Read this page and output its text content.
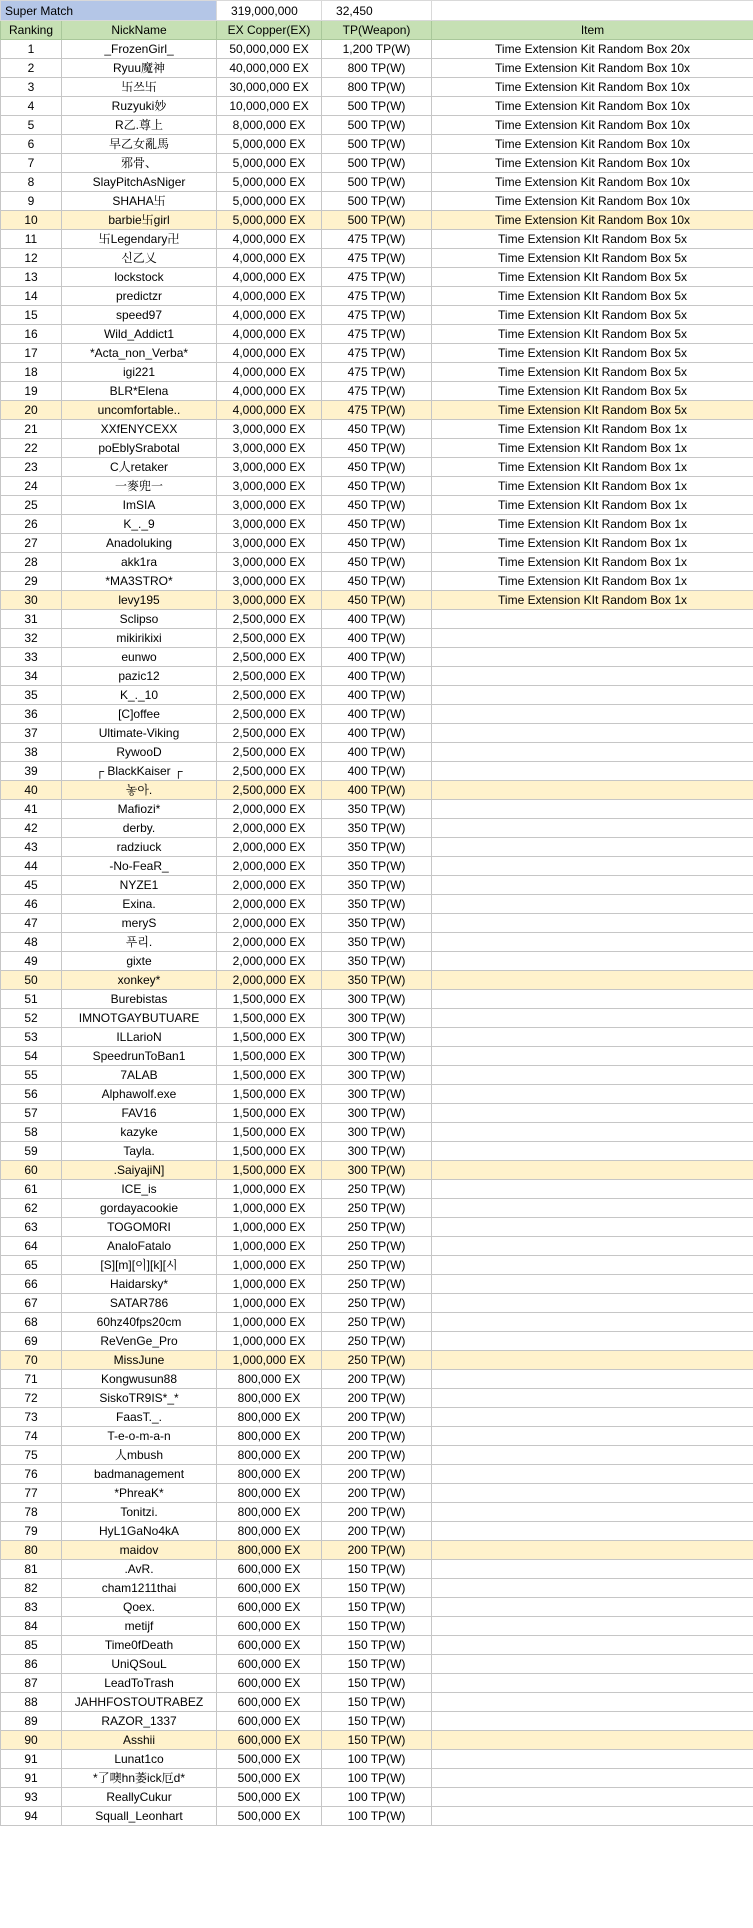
Super Match		319,000,000	32,450	
Ranking	NickName	EX Copper(EX)	TP(Weapon)	Item
1	_FrozenGirl_	50,000,000 EX	1,200 TP(W)	Time Extension Kit Random Box 20x
2	Ryuu魔神	40,000,000 EX	800 TP(W)	Time Extension Kit Random Box 10x
3	卐쓰卐	30,000,000 EX	800 TP(W)	Time Extension Kit Random Box 10x
4	Ruzyuki妙	10,000,000 EX	500 TP(W)	Time Extension Kit Random Box 10x
5	R乙.尊上	8,000,000 EX	500 TP(W)	Time Extension Kit Random Box 10x
6	早乙女亂馬	5,000,000 EX	500 TP(W)	Time Extension Kit Random Box 10x
7	邪骨、	5,000,000 EX	500 TP(W)	Time Extension Kit Random Box 10x
8	SlayPitchAsNiger	5,000,000 EX	500 TP(W)	Time Extension Kit Random Box 10x
9	SHAHA卐	5,000,000 EX	500 TP(W)	Time Extension Kit Random Box 10x
10	barbie卐girl	5,000,000 EX	500 TP(W)	Time Extension Kit Random Box 10x
11	卐Legendary卍	4,000,000 EX	475 TP(W)	Time Extension KIt Random Box 5x
12	신乙乂	4,000,000 EX	475 TP(W)	Time Extension KIt Random Box 5x
13	lockstock	4,000,000 EX	475 TP(W)	Time Extension KIt Random Box 5x
14	predictzr	4,000,000 EX	475 TP(W)	Time Extension KIt Random Box 5x
15	speed97	4,000,000 EX	475 TP(W)	Time Extension KIt Random Box 5x
16	Wild_Addict1	4,000,000 EX	475 TP(W)	Time Extension KIt Random Box 5x
17	*Acta_non_Verba*	4,000,000 EX	475 TP(W)	Time Extension KIt Random Box 5x
18	igi221	4,000,000 EX	475 TP(W)	Time Extension KIt Random Box 5x
19	BLR*Elena	4,000,000 EX	475 TP(W)	Time Extension KIt Random Box 5x
20	uncomfortable..	4,000,000 EX	475 TP(W)	Time Extension KIt Random Box 5x
21	XXfENYCEXX	3,000,000 EX	450 TP(W)	Time Extension KIt Random Box 1x
22	poEblySrabotal	3,000,000 EX	450 TP(W)	Time Extension KIt Random Box 1x
23	C人retaker	3,000,000 EX	450 TP(W)	Time Extension KIt Random Box 1x
24	一麥兜一	3,000,000 EX	450 TP(W)	Time Extension KIt Random Box 1x
25	ImSIA	3,000,000 EX	450 TP(W)	Time Extension KIt Random Box 1x
26	K_._9	3,000,000 EX	450 TP(W)	Time Extension KIt Random Box 1x
27	Anadoluking	3,000,000 EX	450 TP(W)	Time Extension KIt Random Box 1x
28	akk1ra	3,000,000 EX	450 TP(W)	Time Extension KIt Random Box 1x
29	*MA3STRO*	3,000,000 EX	450 TP(W)	Time Extension KIt Random Box 1x
30	levy195	3,000,000 EX	450 TP(W)	Time Extension KIt Random Box 1x
31	Sclipso	2,500,000 EX	400 TP(W)	
32	mikirikixi	2,500,000 EX	400 TP(W)	
33	eunwo	2,500,000 EX	400 TP(W)	
34	pazic12	2,500,000 EX	400 TP(W)	
35	K_._10	2,500,000 EX	400 TP(W)	
36	[C]offee	2,500,000 EX	400 TP(W)	
37	Ultimate-Viking	2,500,000 EX	400 TP(W)	
38	RywooD	2,500,000 EX	400 TP(W)	
39	┌ BlackKaiser ┌	2,500,000 EX	400 TP(W)	
40	놓아.	2,500,000 EX	400 TP(W)	
41	Mafiozi*	2,000,000 EX	350 TP(W)	
42	derby.	2,000,000 EX	350 TP(W)	
43	radziuck	2,000,000 EX	350 TP(W)	
44	-No-FeaR_	2,000,000 EX	350 TP(W)	
45	NYZE1	2,000,000 EX	350 TP(W)	
46	Exina.	2,000,000 EX	350 TP(W)	
47	meryS	2,000,000 EX	350 TP(W)	
48	푸리.	2,000,000 EX	350 TP(W)	
49	gixte	2,000,000 EX	350 TP(W)	
50	xonkey*	2,000,000 EX	350 TP(W)	
51	Burebistas	1,500,000 EX	300 TP(W)	
52	IMNOTGAYBUTUARE	1,500,000 EX	300 TP(W)	
53	ILLarioN	1,500,000 EX	300 TP(W)	
54	SpeedrunToBan1	1,500,000 EX	300 TP(W)	
55	7ALAB	1,500,000 EX	300 TP(W)	
56	Alphawolf.exe	1,500,000 EX	300 TP(W)	
57	FAV16	1,500,000 EX	300 TP(W)	
58	kazyke	1,500,000 EX	300 TP(W)	
59	Tayla.	1,500,000 EX	300 TP(W)	
60	.SaiyajiN]	1,500,000 EX	300 TP(W)	
61	ICE_is	1,000,000 EX	250 TP(W)	
62	gordayacookie	1,000,000 EX	250 TP(W)	
63	TOGOM0RI	1,000,000 EX	250 TP(W)	
64	AnaloFatalo	1,000,000 EX	250 TP(W)	
65	[S][m][이][k][시	1,000,000 EX	250 TP(W)	
66	Haidarsky*	1,000,000 EX	250 TP(W)	
67	SATAR786	1,000,000 EX	250 TP(W)	
68	60hz40fps20cm	1,000,000 EX	250 TP(W)	
69	ReVenGe_Pro	1,000,000 EX	250 TP(W)	
70	MissJune	1,000,000 EX	250 TP(W)	
71	Kongwusun88	800,000 EX	200 TP(W)	
72	SiskoTR9IS*_*	800,000 EX	200 TP(W)	
73	FaasT._.	800,000 EX	200 TP(W)	
74	T-e-o-m-a-n	800,000 EX	200 TP(W)	
75	人mbush	800,000 EX	200 TP(W)	
76	badmanagement	800,000 EX	200 TP(W)	
77	*PhreaK*	800,000 EX	200 TP(W)	
78	Tonitzi.	800,000 EX	200 TP(W)	
79	HyL1GaNo4kA	800,000 EX	200 TP(W)	
80	maidov	800,000 EX	200 TP(W)	
81	.AvR.	600,000 EX	150 TP(W)	
82	cham1211thai	600,000 EX	150 TP(W)	
83	Qoex.	600,000 EX	150 TP(W)	
84	metijf	600,000 EX	150 TP(W)	
85	Time0fDeath	600,000 EX	150 TP(W)	
86	UniQSouL	600,000 EX	150 TP(W)	
87	LeadToTrash	600,000 EX	150 TP(W)	
88	JAHHFOSTOUTRABEZ	600,000 EX	150 TP(W)	
89	RAZOR_1337	600,000 EX	150 TP(W)	
90	Asshii	600,000 EX	150 TP(W)	
91	Lunat1co	500,000 EX	100 TP(W)	
91	*了噢hn萎ick厄d*	500,000 EX	100 TP(W)	
93	ReallyCukur	500,000 EX	100 TP(W)	
94	Squall_Leonhart	500,000 EX	100 TP(W)	
